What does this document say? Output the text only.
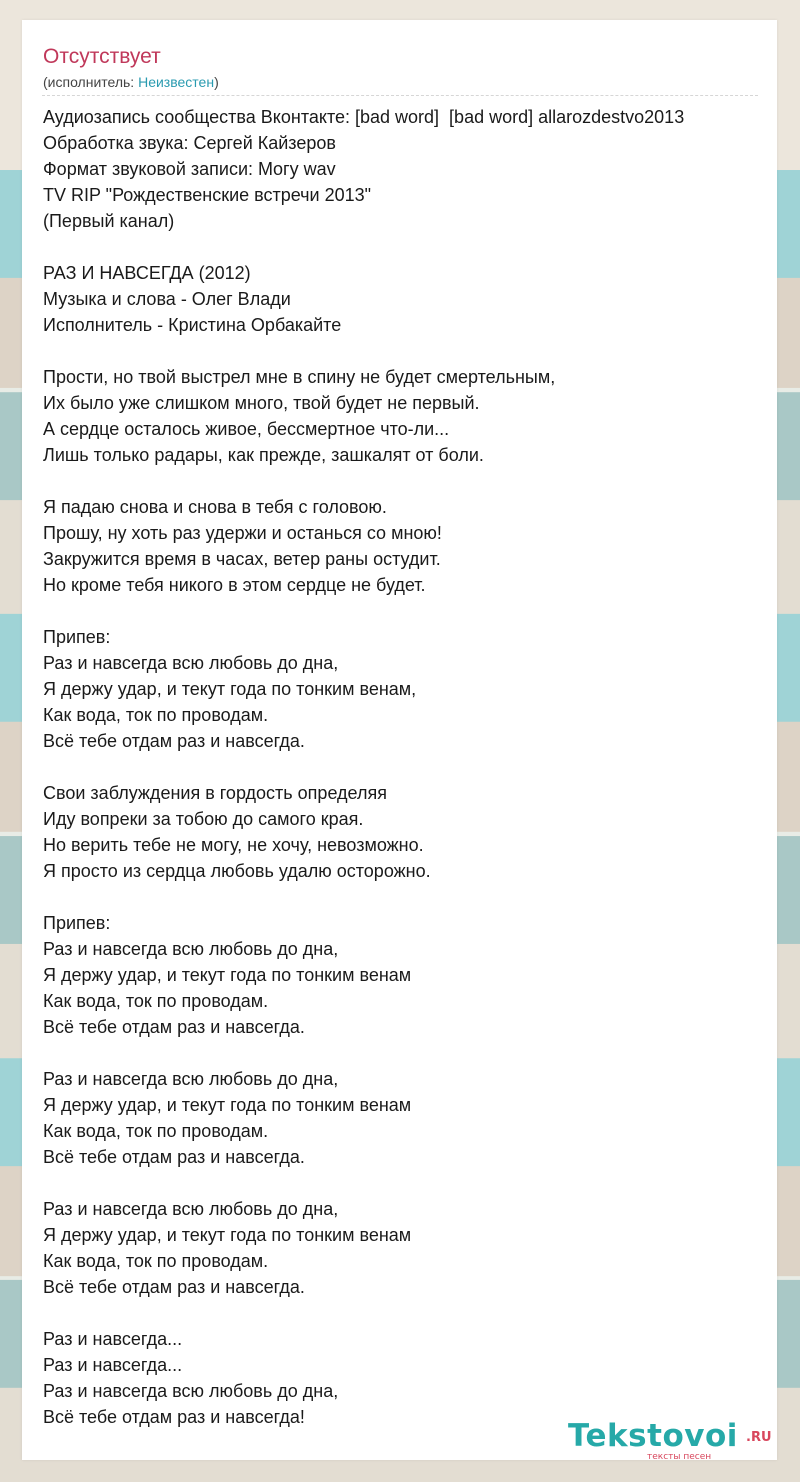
Отсутствует
(исполнитель: Неизвестен)
Аудиозапись сообщества Вконтакте: [bad word]  [bad word] allarozdestvo2013
Обработка звука: Сергей Кайзеров
Формат звуковой записи: Mогу wav
TV RIP "Рождественские встречи 2013"
(Первый канал)

РАЗ И НАВСЕГДА (2012)
Музыка и слова - Олег Влади
Исполнитель - Кристина Орбакайте

Прости, но твой выстрел мне в спину не будет смертельным,
Их было уже слишком много, твой будет не первый.
А сердце осталось живое, бессмертное что-ли...
Лишь только радары, как прежде, зашкалят от боли.

Я падаю снова и снова в тебя с головою.
Прошу, ну хоть раз удержи и останься со мною!
Закружится время в часах, ветер раны остудит.
Но кроме тебя никого в этом сердце не будет.

Припев:
Раз и навсегда всю любовь до дна,
Я держу удар, и текут года по тонким венам,
Как вода, ток по проводам.
Всё тебе отдам раз и навсегда.

Свои заблуждения в гордость определяя
Иду вопреки за тобою до самого края.
Но верить тебе не могу, не хочу, невозможно.
Я просто из сердца любовь удалю осторожно.

Припев:
Раз и навсегда всю любовь до дна,
Я держу удар, и текут года по тонким венам
Как вода, ток по проводам.
Всё тебе отдам раз и навсегда.

Раз и навсегда всю любовь до дна,
Я держу удар, и текут года по тонким венам
Как вода, ток по проводам.
Всё тебе отдам раз и навсегда.

Раз и навсегда всю любовь до дна,
Я держу удар, и текут года по тонким венам
Как вода, ток по проводам.
Всё тебе отдам раз и навсегда.

Раз и навсегда...
Раз и навсегда...
Раз и навсегда всю любовь до дна,
Всё тебе отдам раз и навсегда!
Tekstovoi .RU
тексты песен
